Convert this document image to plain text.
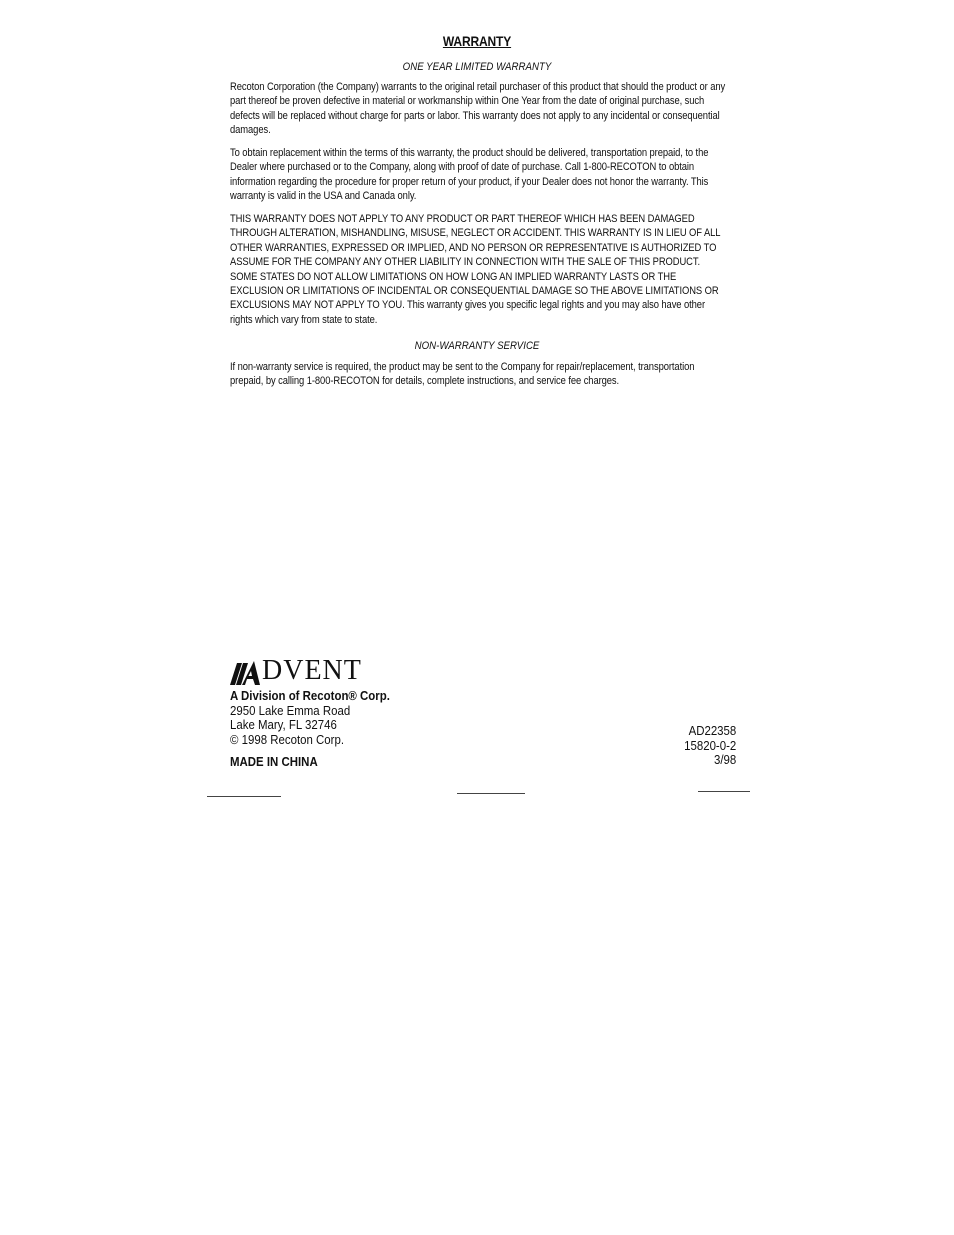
WARRANTY
ONE YEAR LIMITED WARRANTY
Recoton Corporation (the Company) warrants to the original retail purchaser of this product that should the product or any part thereof be proven defective in material or workmanship within One Year from the date of original purchase, such defects will be replaced without charge for parts or labor. This warranty does not apply to any incidental or consequential damages.
To obtain replacement within the terms of this warranty, the product should be delivered, transportation prepaid, to the Dealer where purchased or to the Company, along with proof of date of purchase. Call 1-800-RECOTON to obtain information regarding the procedure for proper return of your product, if your Dealer does not honor the warranty. This warranty is valid in the USA and Canada only.
THIS WARRANTY DOES NOT APPLY TO ANY PRODUCT OR PART THEREOF WHICH HAS BEEN DAMAGED THROUGH ALTERATION, MISHANDLING, MISUSE, NEGLECT OR ACCIDENT. THIS WARRANTY IS IN LIEU OF ALL OTHER WARRANTIES, EXPRESSED OR IMPLIED, AND NO PERSON OR REPRESENTATIVE IS AUTHORIZED TO ASSUME FOR THE COMPANY ANY OTHER LIABILITY IN CONNECTION WITH THE SALE OF THIS PRODUCT. SOME STATES DO NOT ALLOW LIMITATIONS ON HOW LONG AN IMPLIED WARRANTY LASTS OR THE EXCLUSION OR LIMITATIONS OF INCIDENTAL OR CONSEQUENTIAL DAMAGE SO THE ABOVE LIMITATIONS OR EXCLUSIONS MAY NOT APPLY TO YOU. This warranty gives you specific legal rights and you may also have other rights which vary from state to state.
NON-WARRANTY SERVICE
If non-warranty service is required, the product may be sent to the Company for repair/replacement, transportation prepaid, by calling 1-800-RECOTON for details, complete instructions, and service fee charges.
DVENT
A Division of Recoton® Corp.
2950 Lake Emma Road
Lake Mary, FL 32746
© 1998 Recoton Corp.
MADE IN CHINA
AD22358
15820-0-2
3/98
